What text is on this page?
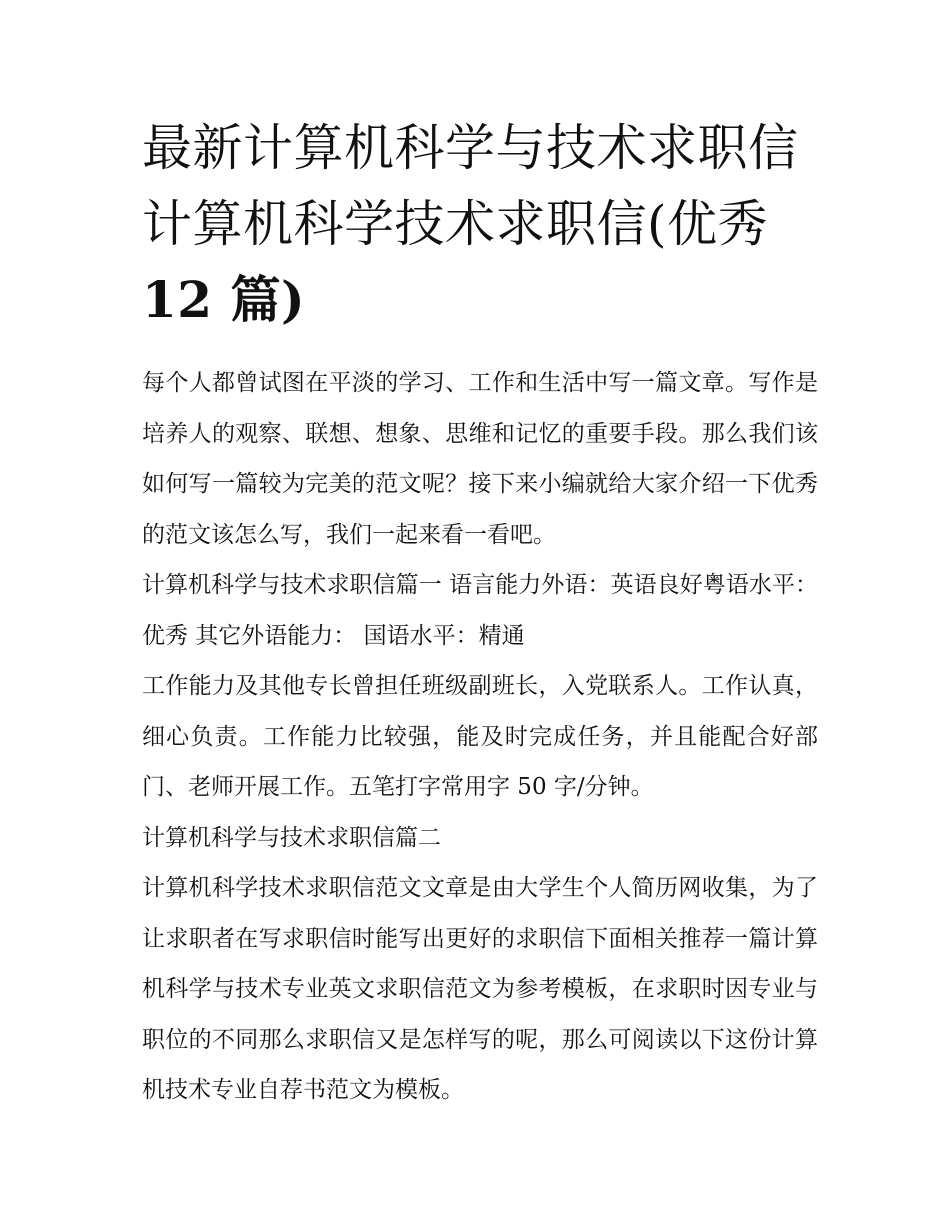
最新计算机科学与技术求职信
计算机科学技术求职信(优秀
12 篇)

每个人都曾试图在平淡的学习、工作和生活中写一篇文章。写作是培养人的观察、联想、想象、思维和记忆的重要手段。那么我们该如何写一篇较为完美的范文呢？接下来小编就给大家介绍一下优秀的范文该怎么写，我们一起来看一看吧。

计算机科学与技术求职信篇一 语言能力外语：英语良好粤语水平：优秀 其它外语能力： 国语水平：精通

工作能力及其他专长曾担任班级副班长，入党联系人。工作认真，细心负责。工作能力比较强，能及时完成任务，并且能配合好部门、老师开展工作。五笔打字常用字 50 字/分钟。

计算机科学与技术求职信篇二

计算机科学技术求职信范文文章是由大学生个人简历网收集，为了让求职者在写求职信时能写出更好的求职信下面相关推荐一篇计算机科学与技术专业英文求职信范文为参考模板，在求职时因专业与职位的不同那么求职信又是怎样写的呢，那么可阅读以下这份计算机技术专业自荐书范文为模板。
